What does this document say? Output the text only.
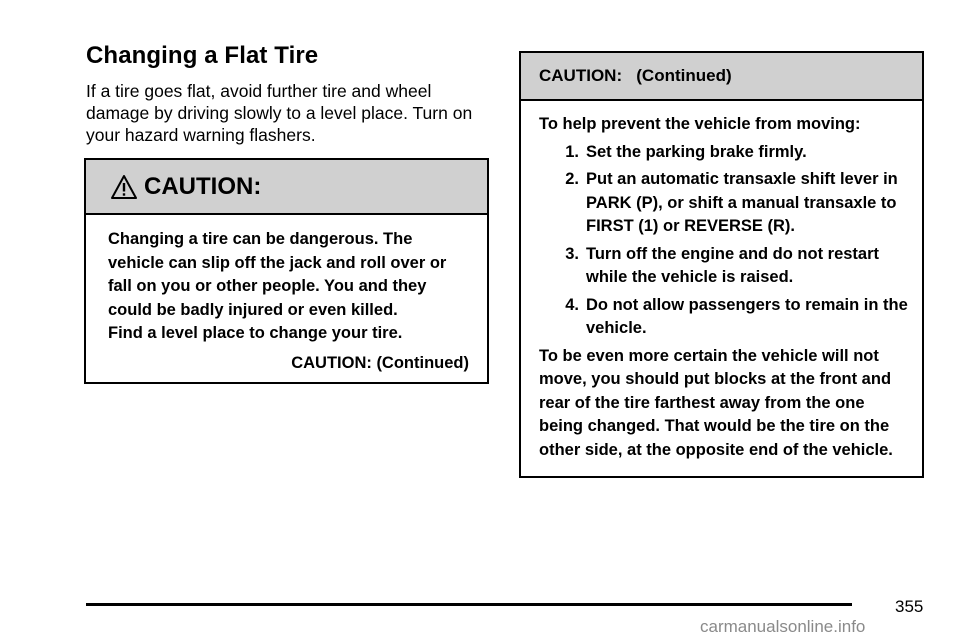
Changing a Flat Tire

If a tire goes flat, avoid further tire and wheel damage by driving slowly to a level place. Turn on your hazard warning flashers.

CAUTION:

Changing a tire can be dangerous. The

vehicle can slip off the jack and roll over or

fall on you or other people. You and they

could be badly injured or even killed.

Find a level place to change your tire.

CAUTION: (Continued)

CAUTION:   (Continued)

To help prevent the vehicle from moving:

1. Set the parking brake firmly.
2. Put an automatic transaxle shift lever in PARK (P), or shift a manual transaxle to FIRST (1) or REVERSE (R).
3. Turn off the engine and do not restart while the vehicle is raised.
4. Do not allow passengers to remain in the vehicle.

To be even more certain the vehicle will not move, you should put blocks at the front and rear of the tire farthest away from the one being changed. That would be the tire on the other side, at the opposite end of the vehicle.

355
carmanualsonline.info
